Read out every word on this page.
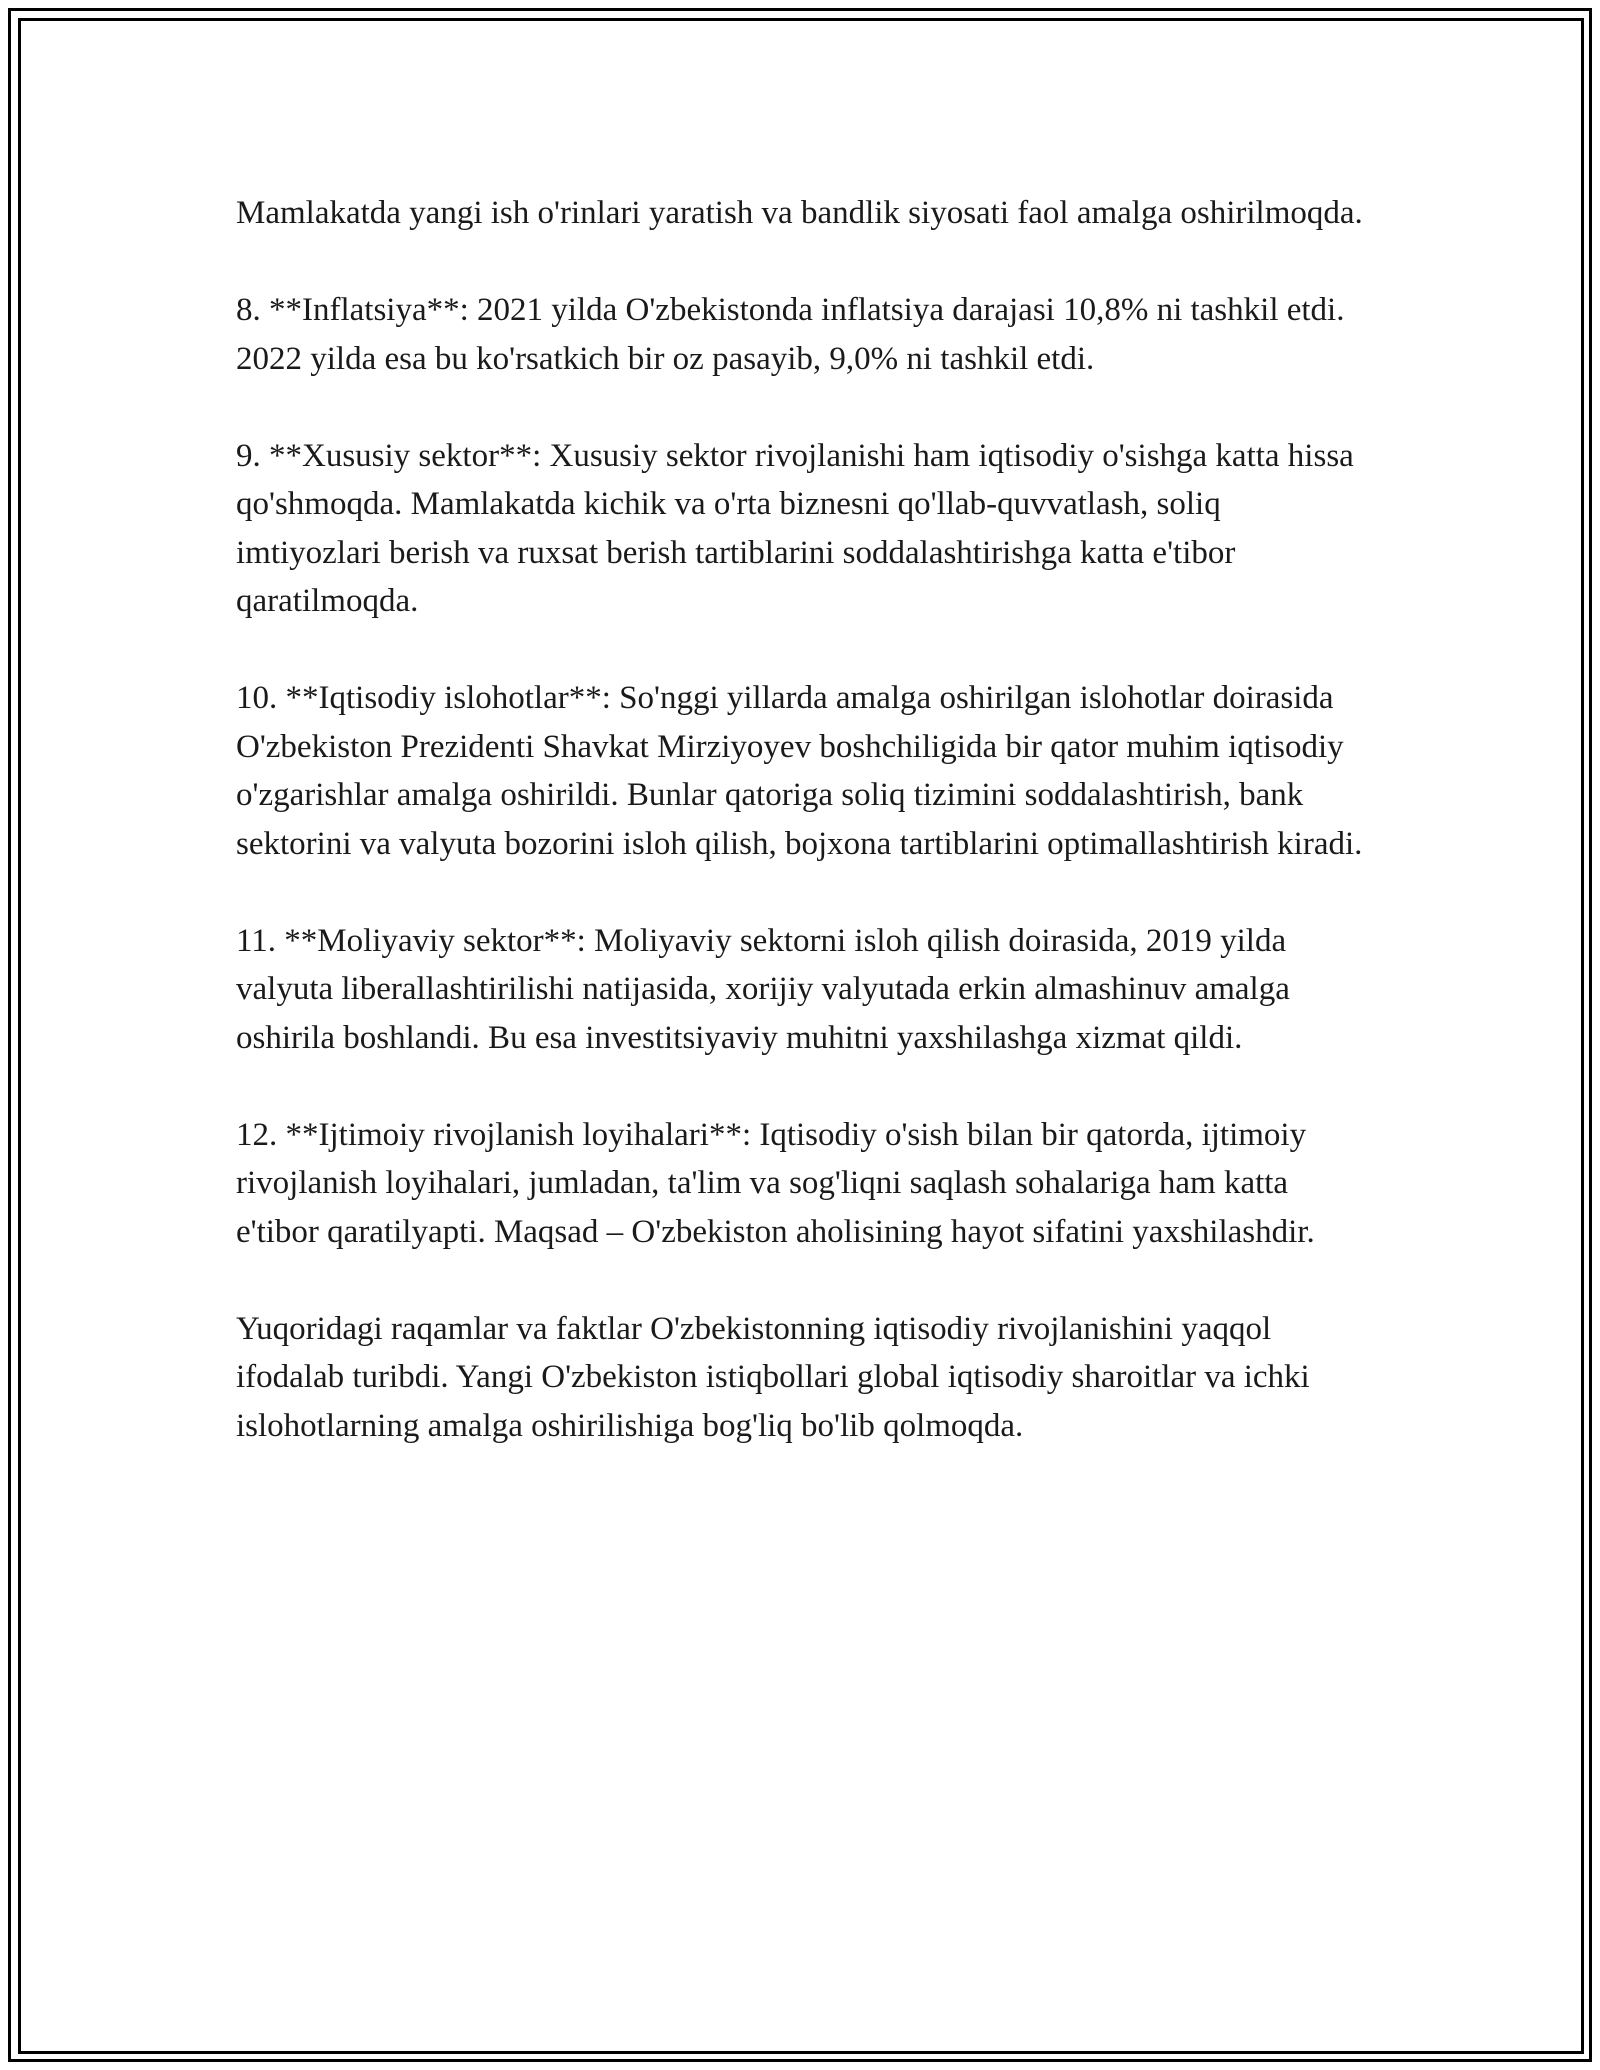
Mamlakatda yangi ish o'rinlari yaratish va bandlik siyosati faol amalga oshirilmoqda.

8. **Inflatsiya**: 2021 yilda O'zbekistonda inflatsiya darajasi 10,8% ni tashkil etdi. 2022 yilda esa bu ko'rsatkich bir oz pasayib, 9,0% ni tashkil etdi.

9. **Xususiy sektor**: Xususiy sektor rivojlanishi ham iqtisodiy o'sishga katta hissa qo'shmoqda. Mamlakatda kichik va o'rta biznesni qo'llab-quvvatlash, soliq imtiyozlari berish va ruxsat berish tartiblarini soddalashtirishga katta e'tibor qaratilmoqda.

10. **Iqtisodiy islohotlar**: So'nggi yillarda amalga oshirilgan islohotlar doirasida O'zbekiston Prezidenti Shavkat Mirziyoyev boshchiligida bir qator muhim iqtisodiy o'zgarishlar amalga oshirildi. Bunlar qatoriga soliq tizimini soddalashtirish, bank sektorini va valyuta bozorini isloh qilish, bojxona tartiblarini optimallashtirish kiradi.

11. **Moliyaviy sektor**: Moliyaviy sektorni isloh qilish doirasida, 2019 yilda valyuta liberallashtirilishi natijasida, xorijiy valyutada erkin almashinuv amalga oshirila boshlandi. Bu esa investitsiyaviy muhitni yaxshilashga xizmat qildi.

12. **Ijtimoiy rivojlanish loyihalari**: Iqtisodiy o'sish bilan bir qatorda, ijtimoiy rivojlanish loyihalari, jumladan, ta'lim va sog'liqni saqlash sohalariga ham katta e'tibor qaratilyapti. Maqsad – O'zbekiston aholisining hayot sifatini yaxshilashdir.

Yuqoridagi raqamlar va faktlar O'zbekistonning iqtisodiy rivojlanishini yaqqol ifodalab turibdi. Yangi O'zbekiston istiqbollari global iqtisodiy sharoitlar va ichki islohotlarning amalga oshirilishiga bog'liq bo'lib qolmoqda.
